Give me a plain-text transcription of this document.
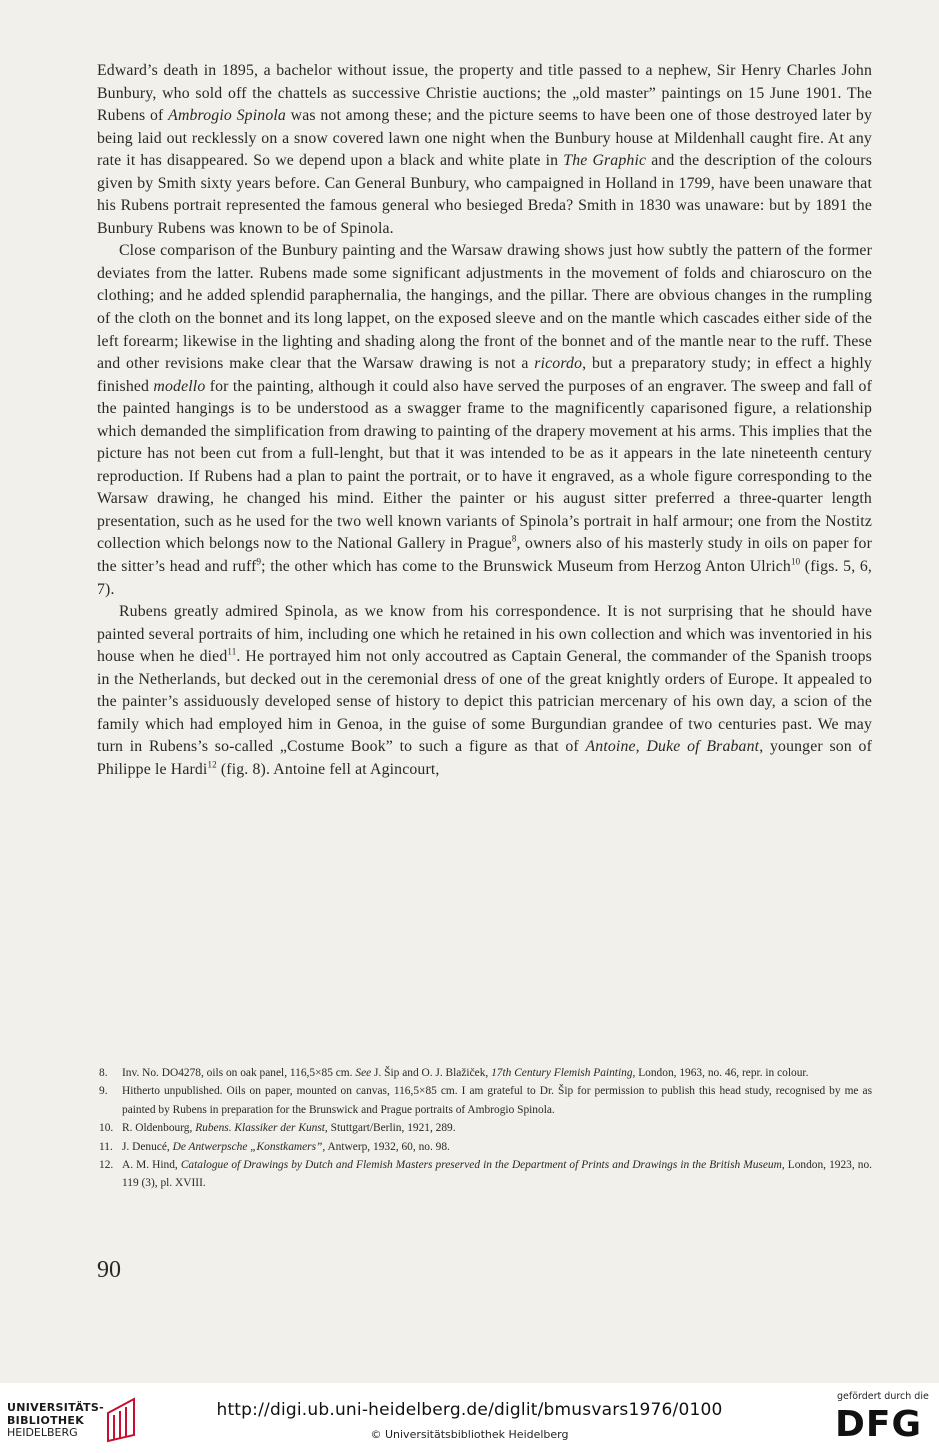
Edward’s death in 1895, a bachelor without issue, the property and title passed to a nephew, Sir Henry Charles John Bunbury, who sold off the chattels as successive Christie auctions; the „old master” paintings on 15 June 1901. The Rubens of Ambrogio Spinola was not among these; and the picture seems to have been one of those destroyed later by being laid out recklessly on a snow covered lawn one night when the Bunbury house at Mildenhall caught fire. At any rate it has disappeared. So we depend upon a black and white plate in The Graphic and the description of the colours given by Smith sixty years before. Can General Bunbury, who campaigned in Holland in 1799, have been unaware that his Rubens portrait represented the famous general who besieged Breda? Smith in 1830 was unaware: but by 1891 the Bunbury Rubens was known to be of Spinola.

Close comparison of the Bunbury painting and the Warsaw drawing shows just how subtly the pattern of the former deviates from the latter. Rubens made some significant adjustments in the movement of folds and chiaroscuro on the clothing; and he added splendid paraphernalia, the hangings, and the pillar. There are obvious changes in the rumpling of the cloth on the bonnet and its long lappet, on the exposed sleeve and on the mantle which cascades either side of the left forearm; likewise in the lighting and shading along the front of the bonnet and of the mantle near to the ruff. These and other revisions make clear that the Warsaw drawing is not a ricordo, but a preparatory study; in effect a highly finished modello for the painting, although it could also have served the purposes of an engraver. The sweep and fall of the painted hangings is to be understood as a swagger frame to the magnificently caparisoned figure, a relationship which demanded the simplification from drawing to painting of the drapery movement at his arms. This implies that the picture has not been cut from a full-lenght, but that it was intended to be as it appears in the late nineteenth century reproduction. If Rubens had a plan to paint the portrait, or to have it engraved, as a whole figure corresponding to the Warsaw drawing, he changed his mind. Either the painter or his august sitter preferred a three-quarter length presentation, such as he used for the two well known variants of Spinola’s portrait in half armour; one from the Nostitz collection which belongs now to the National Gallery in Prague$^8$, owners also of his masterly study in oils on paper for the sitter’s head and ruff$^9$; the other which has come to the Brunswick Museum from Herzog Anton Ulrich$^{10}$ (figs. 5, 6, 7).

Rubens greatly admired Spinola, as we know from his correspondence. It is not surprising that he should have painted several portraits of him, including one which he retained in his own collection and which was inventoried in his house when he died$^{11}$. He portrayed him not only accoutred as Captain General, the commander of the Spanish troops in the Netherlands, but decked out in the ceremonial dress of one of the great knightly orders of Europe. It appealed to the painter’s assiduously developed sense of history to depict this patrician mercenary of his own day, a scion of the family which had employed him in Genoa, in the guise of some Burgundian grandee of two centuries past. We may turn in Rubens’s so-called „Costume Book” to such a figure as that of Antoine, Duke of Brabant, younger son of Philippe le Hardi$^{12}$ (fig. 8). Antoine fell at Agincourt,

8.	Inv. No. DO4278, oils on oak panel, 116,5×85 cm. See J. Šip and O. J. Blažiček, 17th Century Flemish Painting, London, 1963, no. 46, repr. in colour.
9.	Hitherto unpublished. Oils on paper, mounted on canvas, 116,5×85 cm. I am grateful to Dr. Šip for permission to publish this head study, recognised by me as painted by Rubens in preparation for the Brunswick and Prague portraits of Ambrogio Spinola.
10. R. Oldenbourg, Rubens. Klassiker der Kunst, Stuttgart/Berlin, 1921, 289.
11. J. Denucé, De Antwerpsche „Konstkamers”, Antwerp, 1932, 60, no. 98.
12. A. M. Hind, Catalogue of Drawings by Dutch and Flemish Masters preserved in the Department of Prints and Drawings in the British Museum, London, 1923, no. 119 (3), pl. XVIII.
90
UNIVERSITÄTS-
BIBLIOTHEK
HEIDELBERG
http://digi.ub.uni-heidelberg.de/diglit/bmusvars1976/0100
© Universitätsbibliothek Heidelberg
gefördert durch die
DFG
